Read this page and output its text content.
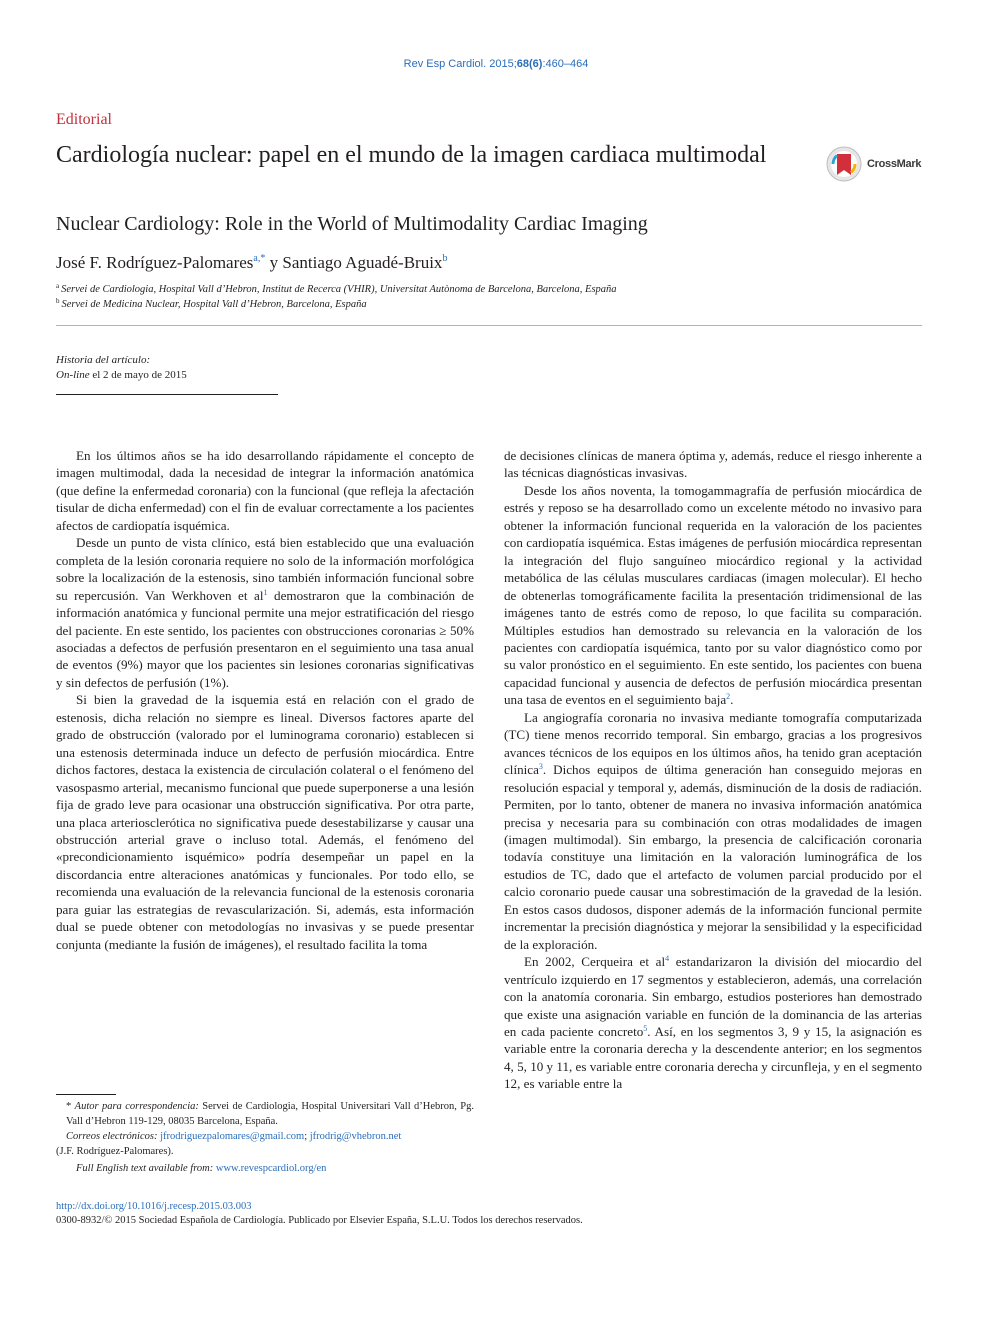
Rev Esp Cardiol. 2015;68(6):460–464
Editorial
Cardiología nuclear: papel en el mundo de la imagen cardiaca multimodal	CrossMark
Nuclear Cardiology: Role in the World of Multimodality Cardiac Imaging
José F. Rodríguez-Palomares$^{a,*}$ y Santiago Aguadé-Bruix$^b$
$^a$ Servei de Cardiologia, Hospital Vall d’Hebron, Institut de Recerca (VHIR), Universitat Autònoma de Barcelona, Barcelona, España
$^b$ Servei de Medicina Nuclear, Hospital Vall d’Hebron, Barcelona, España
Historia del artículo:
On-line el 2 de mayo de 2015

En los últimos años se ha ido desarrollando rápidamente el concepto de imagen multimodal, dada la necesidad de integrar la información anatómica (que define la enfermedad coronaria) con la funcional (que refleja la afectación tisular de dicha enfermedad) con el fin de evaluar correctamente a los pacientes afectos de cardiopatía isquémica.

Desde un punto de vista clínico, está bien establecido que una evaluación completa de la lesión coronaria requiere no solo de la información morfológica sobre la localización de la estenosis, sino también información funcional sobre su repercusión. Van Werkhoven et $al^1$ demostraron que la combinación de información anatómica y funcional permite una mejor estratificación del riesgo del paciente. En este sentido, los pacientes con obstrucciones coronarias ≥ 50% asociadas a defectos de perfusión presentaron en el seguimiento una tasa anual de eventos (9%) mayor que los pacientes sin lesiones coronarias significativas y sin defectos de perfusión (1%).

Si bien la gravedad de la isquemia está en relación con el grado de estenosis, dicha relación no siempre es lineal. Diversos factores aparte del grado de obstrucción (valorado por el luminograma coronario) establecen si una estenosis determinada induce un defecto de perfusión miocárdica. Entre dichos factores, destaca la existencia de circulación colateral o el fenómeno del vasospasmo arterial, mecanismo funcional que puede superponerse a una lesión fija de grado leve para ocasionar una obstrucción significativa. Por otra parte, una placa arteriosclerótica no significativa puede desestabilizarse y causar una obstrucción arterial grave o incluso total. Además, el fenómeno del «precondicionamiento isquémico» podría desempeñar un papel en la discordancia entre alteraciones anatómicas y funcionales. Por todo ello, se recomienda una evaluación de la relevancia funcional de la estenosis coronaria para guiar las estrategias de revascularización. Si, además, esta información dual se puede obtener con metodologías no invasivas y se puede presentar conjunta (mediante la fusión de imágenes), el resultado facilita la toma

de decisiones clínicas de manera óptima y, además, reduce el riesgo inherente a las técnicas diagnósticas invasivas.

Desde los años noventa, la tomogammagrafía de perfusión miocárdica de estrés y reposo se ha desarrollado como un excelente método no invasivo para obtener la información funcional requerida en la valoración de los pacientes con cardiopatía isquémica. Estas imágenes de perfusión miocárdica representan la integración del flujo sanguíneo miocárdico regional y la actividad metabólica de las células musculares cardiacas (imagen molecular). El hecho de obtenerlas tomográficamente facilita la presentación tridimensional de las imágenes tanto de estrés como de reposo, lo que facilita su comparación. Múltiples estudios han demostrado su relevancia en la valoración de los pacientes con cardiopatía isquémica, tanto por su valor diagnóstico como por su valor pronóstico en el seguimiento. En este sentido, los pacientes con buena capacidad funcional y ausencia de defectos de perfusión miocárdica presentan una tasa de eventos en el seguimiento baja$^2$.

La angiografía coronaria no invasiva mediante tomografía computarizada (TC) tiene menos recorrido temporal. Sin embargo, gracias a los progresivos avances técnicos de los equipos en los últimos años, ha tenido gran aceptación clínica$^3$. Dichos equipos de última generación han conseguido mejoras en resolución espacial y temporal y, además, disminución de la dosis de radiación. Permiten, por lo tanto, obtener de manera no invasiva información anatómica precisa y necesaria para su combinación con otras modalidades de imagen (imagen multimodal). Sin embargo, la presencia de calcificación coronaria todavía constituye una limitación en la valoración luminográfica de los estudios de TC, dado que el artefacto de volumen parcial producido por el calcio coronario puede causar una sobrestimación de la gravedad de la lesión. En estos casos dudosos, disponer además de la información funcional permite incrementar la precisión diagnóstica y mejorar la sensibilidad y la especificidad de la exploración.

En 2002, Cerqueira et $al^4$ estandarizaron la división del miocardio del ventrículo izquierdo en 17 segmentos y establecieron, además, una correlación con la anatomía coronaria. Sin embargo, estudios posteriores han demostrado que existe una asignación variable en función de la dominancia de las arterias en cada paciente concreto$^5$. Así, en los segmentos 3, 9 y 15, la asignación es variable entre la coronaria derecha y la descendente anterior; en los segmentos 4, 5, 10 y 11, es variable entre coronaria derecha y circunfleja, y en el segmento 12, es variable entre la

* Autor para correspondencia: Servei de Cardiologia, Hospital Universitari Vall d’Hebron, Pg. Vall d’Hebron 119-129, 08035 Barcelona, España.

Correos electrónicos: jfrodriguezpalomares@gmail.com; jfrodrig@vhebron.net

(J.F. Rodríguez-Palomares).

Full English text available from: www.revespcardiol.org/en
http://dx.doi.org/10.1016/j.recesp.2015.03.003
0300-8932/© 2015 Sociedad Española de Cardiología. Publicado por Elsevier España, S.L.U. Todos los derechos reservados.
